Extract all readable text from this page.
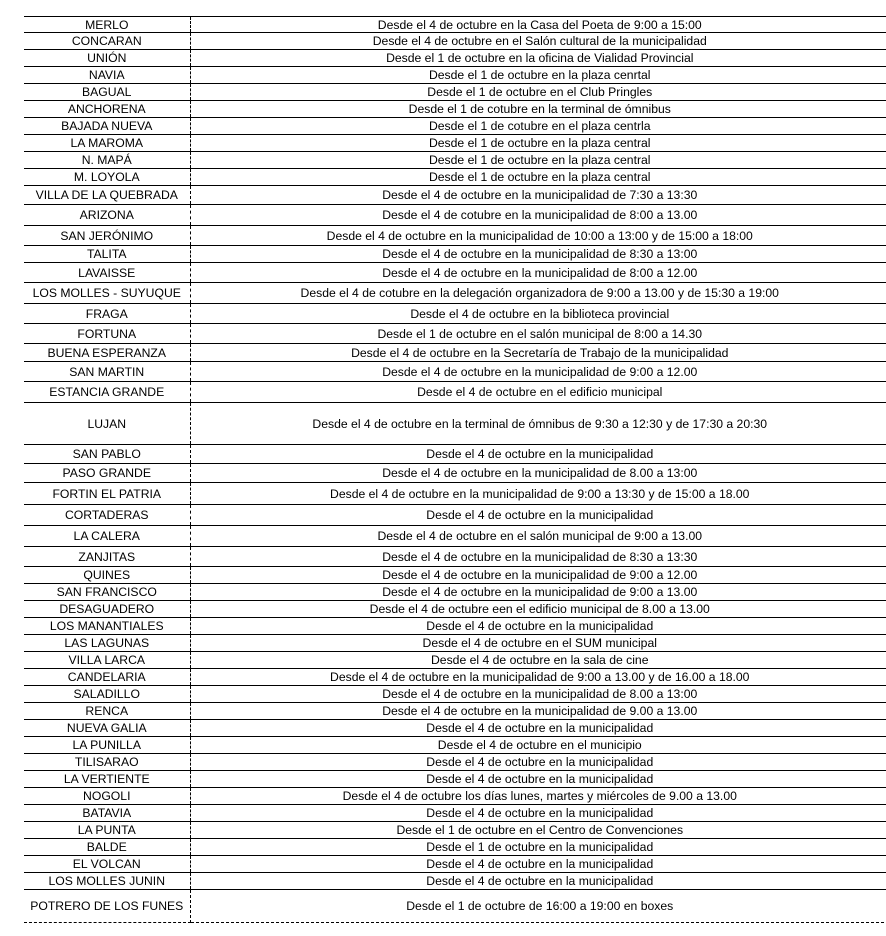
MERLO	Desde el 4 de octubre en la Casa del Poeta de 9:00 a 15:00
CONCARAN	Desde el 4 de octubre en el Salón cultural de la municipalidad
UNIÓN	Desde el 1 de octubre en la oficina de Vialidad Provincial
NAVIA	Desde el 1 de octubre en la plaza cenrtal
BAGUAL	Desde el 1 de octubre en el Club Pringles
ANCHORENA	Desde el 1 de cotubre en la terminal de ómnibus
BAJADA NUEVA	Desde el 1 de cotubre en el plaza centrla
LA MAROMA	Desde el 1 de octubre en la plaza central
N. MAPÁ	Desde el 1 de octubre en la plaza central
M. LOYOLA	Desde el 1 de octubre en la plaza central
VILLA DE LA QUEBRADA	Desde el 4 de octubre en la municipalidad de 7:30 a 13:30
ARIZONA	Desde el 4 de cotubre en la municipalidad de 8:00 a 13.00
SAN JERÓNIMO	Desde el 4 de octubre en la municipalidad de 10:00 a 13:00 y de 15:00 a 18:00
TALITA	Desde el 4 de octubre en la municipalidad de 8:30 a 13:00
LAVAISSE	Desde el 4 de octubre en la municipalidad de 8:00 a 12.00
LOS MOLLES - SUYUQUE	Desde el 4 de cotubre en la delegación organizadora de 9:00 a 13.00 y de 15:30 a 19:00
FRAGA	Desde el 4 de octubre en la biblioteca provincial
FORTUNA	Desde el 1 de octubre en el salón municipal de 8:00 a 14.30
BUENA ESPERANZA	Desde el 4 de octubre en la Secretaría de Trabajo de la municipalidad
SAN MARTIN	Desde el 4 de octubre en la municipalidad de 9:00 a 12.00
ESTANCIA GRANDE	Desde el 4 de octubre en el edificio municipal
LUJAN	Desde el 4 de octubre en la terminal de ómnibus de 9:30 a 12:30 y de 17:30 a 20:30
SAN PABLO	Desde el 4 de octubre en la municipalidad
PASO GRANDE	Desde el 4 de octubre en la municipalidad de 8.00 a 13:00
FORTIN EL PATRIA	Desde el 4 de octubre en la municipalidad de 9:00 a 13:30 y de 15:00 a 18.00
CORTADERAS	Desde el 4 de octubre en la municipalidad
LA CALERA	Desde el 4 de octubre en el salón municipal de 9:00 a 13.00
ZANJITAS	Desde el 4 de octubre en la municipalidad de 8:30 a 13:30
QUINES	Desde el 4 de octubre en la municipalidad de 9:00 a 12.00
SAN FRANCISCO	Desde el 4 de octubre en la municipalidad de 9:00 a 13.00
DESAGUADERO	Desde el 4 de octubre een el edificio municipal de 8.00 a 13.00
LOS MANANTIALES	Desde el 4 de octubre en la municipalidad
LAS LAGUNAS	Desde el 4 de octubre en el SUM municipal
VILLA LARCA	Desde el 4 de octubre en la sala de cine
CANDELARIA	Desde el 4 de octubre en la municipalidad de 9:00 a 13.00 y de 16.00 a 18.00
SALADILLO	Desde el 4 de octubre en la municipalidad de 8.00 a 13:00
RENCA	Desde el 4 de octubre en la municipalidad de 9.00 a 13.00
NUEVA GALIA	Desde el 4 de octubre en la municipalidad
LA PUNILLA	Desde el 4 de octubre en el municipio
TILISARAO	Desde el 4 de octubre en la municipalidad
LA VERTIENTE	Desde el 4 de octubre en la municipalidad
NOGOLI	Desde el 4 de octubre los días lunes, martes y miércoles de 9.00 a 13.00
BATAVIA	Desde el 4 de octubre en la municipalidad
LA PUNTA	Desde el 1 de octubre en el Centro de Convenciones
BALDE	Desde el 1 de octubre en la municipalidad
EL VOLCAN	Desde el 4 de octubre en la municipalidad
LOS MOLLES JUNIN	Desde el 4 de octubre en la municipalidad
POTRERO DE LOS FUNES	Desde el 1 de octubre de 16:00 a 19:00 en boxes
